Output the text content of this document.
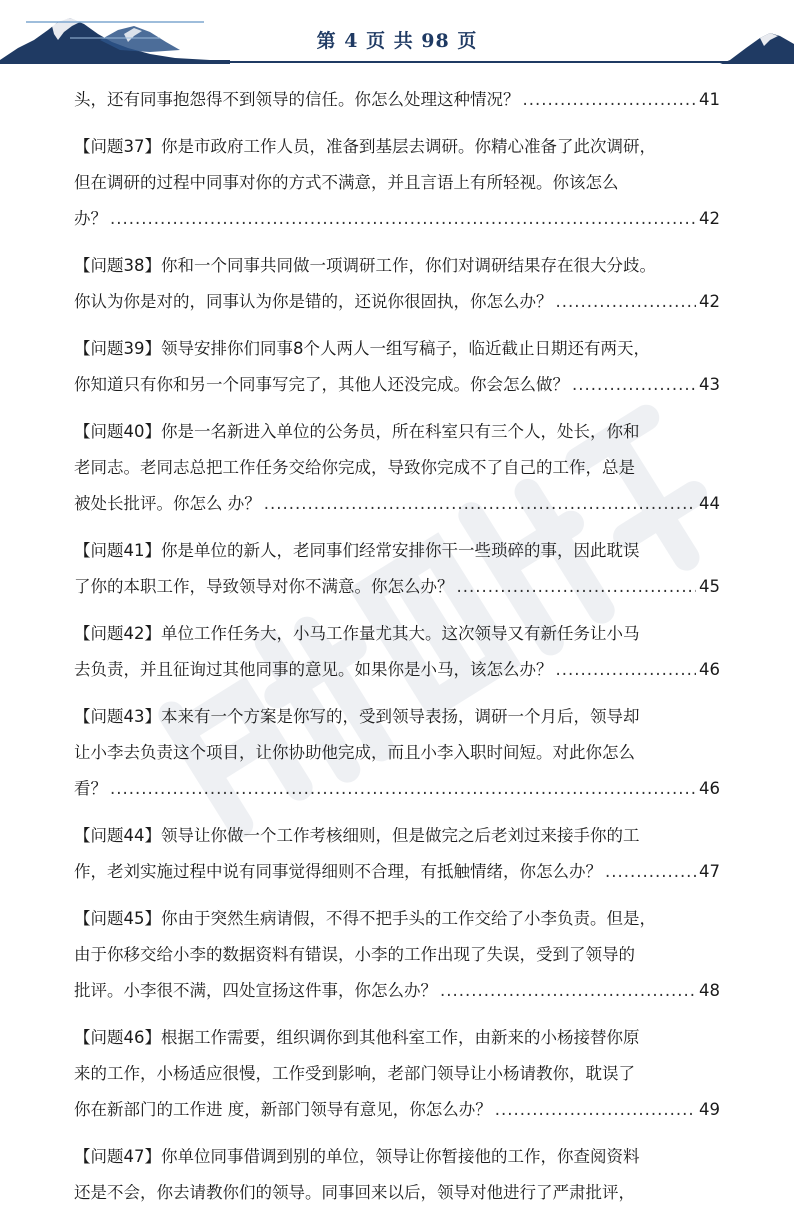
第 4 页 共 98 页
头，还有同事抱怨得不到领导的信任。你怎么处理这种情况？ .....	41
【问题37】你是市政府工作人员，准备到基层去调研。你精心准备了此次调研，
但在调研的过程中同事对你的方式不满意，并且言语上有所轻视。你该怎么
办？ .....	42
【问题38】你和一个同事共同做一项调研工作，你们对调研结果存在很大分歧。
你认为你是对的，同事认为你是错的，还说你很固执，你怎么办？ .....	42
【问题39】领导安排你们同事8个人两人一组写稿子，临近截止日期还有两天，
你知道只有你和另一个同事写完了，其他人还没完成。你会怎么做？ .....	43
【问题40】你是一名新进入单位的公务员，所在科室只有三个人，处长，你和
老同志。老同志总把工作任务交给你完成，导致你完成不了自己的工作，总是
被处长批评。你怎么 办？ .....	44
【问题41】你是单位的新人，老同事们经常安排你干一些琐碎的事，因此耽误
了你的本职工作，导致领导对你不满意。你怎么办？ .....	45
【问题42】单位工作任务大，小马工作量尤其大。这次领导又有新任务让小马
去负责，并且征询过其他同事的意见。如果你是小马，该怎么办？ .....	46
【问题43】本来有一个方案是你写的，受到领导表扬，调研一个月后，领导却
让小李去负责这个项目，让你协助他完成，而且小李入职时间短。对此你怎么
看？ .....	46
【问题44】领导让你做一个工作考核细则，但是做完之后老刘过来接手你的工
作，老刘实施过程中说有同事觉得细则不合理，有抵触情绪，你怎么办？ .....	47
【问题45】你由于突然生病请假，不得不把手头的工作交给了小李负责。但是，
由于你移交给小李的数据资料有错误，小李的工作出现了失误，受到了领导的
批评。小李很不满，四处宣扬这件事，你怎么办？ .....	48
【问题46】根据工作需要，组织调你到其他科室工作，由新来的小杨接替你原
来的工作，小杨适应很慢，工作受到影响，老部门领导让小杨请教你，耽误了
你在新部门的工作进 度，新部门领导有意见，你怎么办？ .....	49
【问题47】你单位同事借调到别的单位，领导让你暂接他的工作，你查阅资料
还是不会，你去请教你们的领导。同事回来以后，领导对他进行了严肃批评，
